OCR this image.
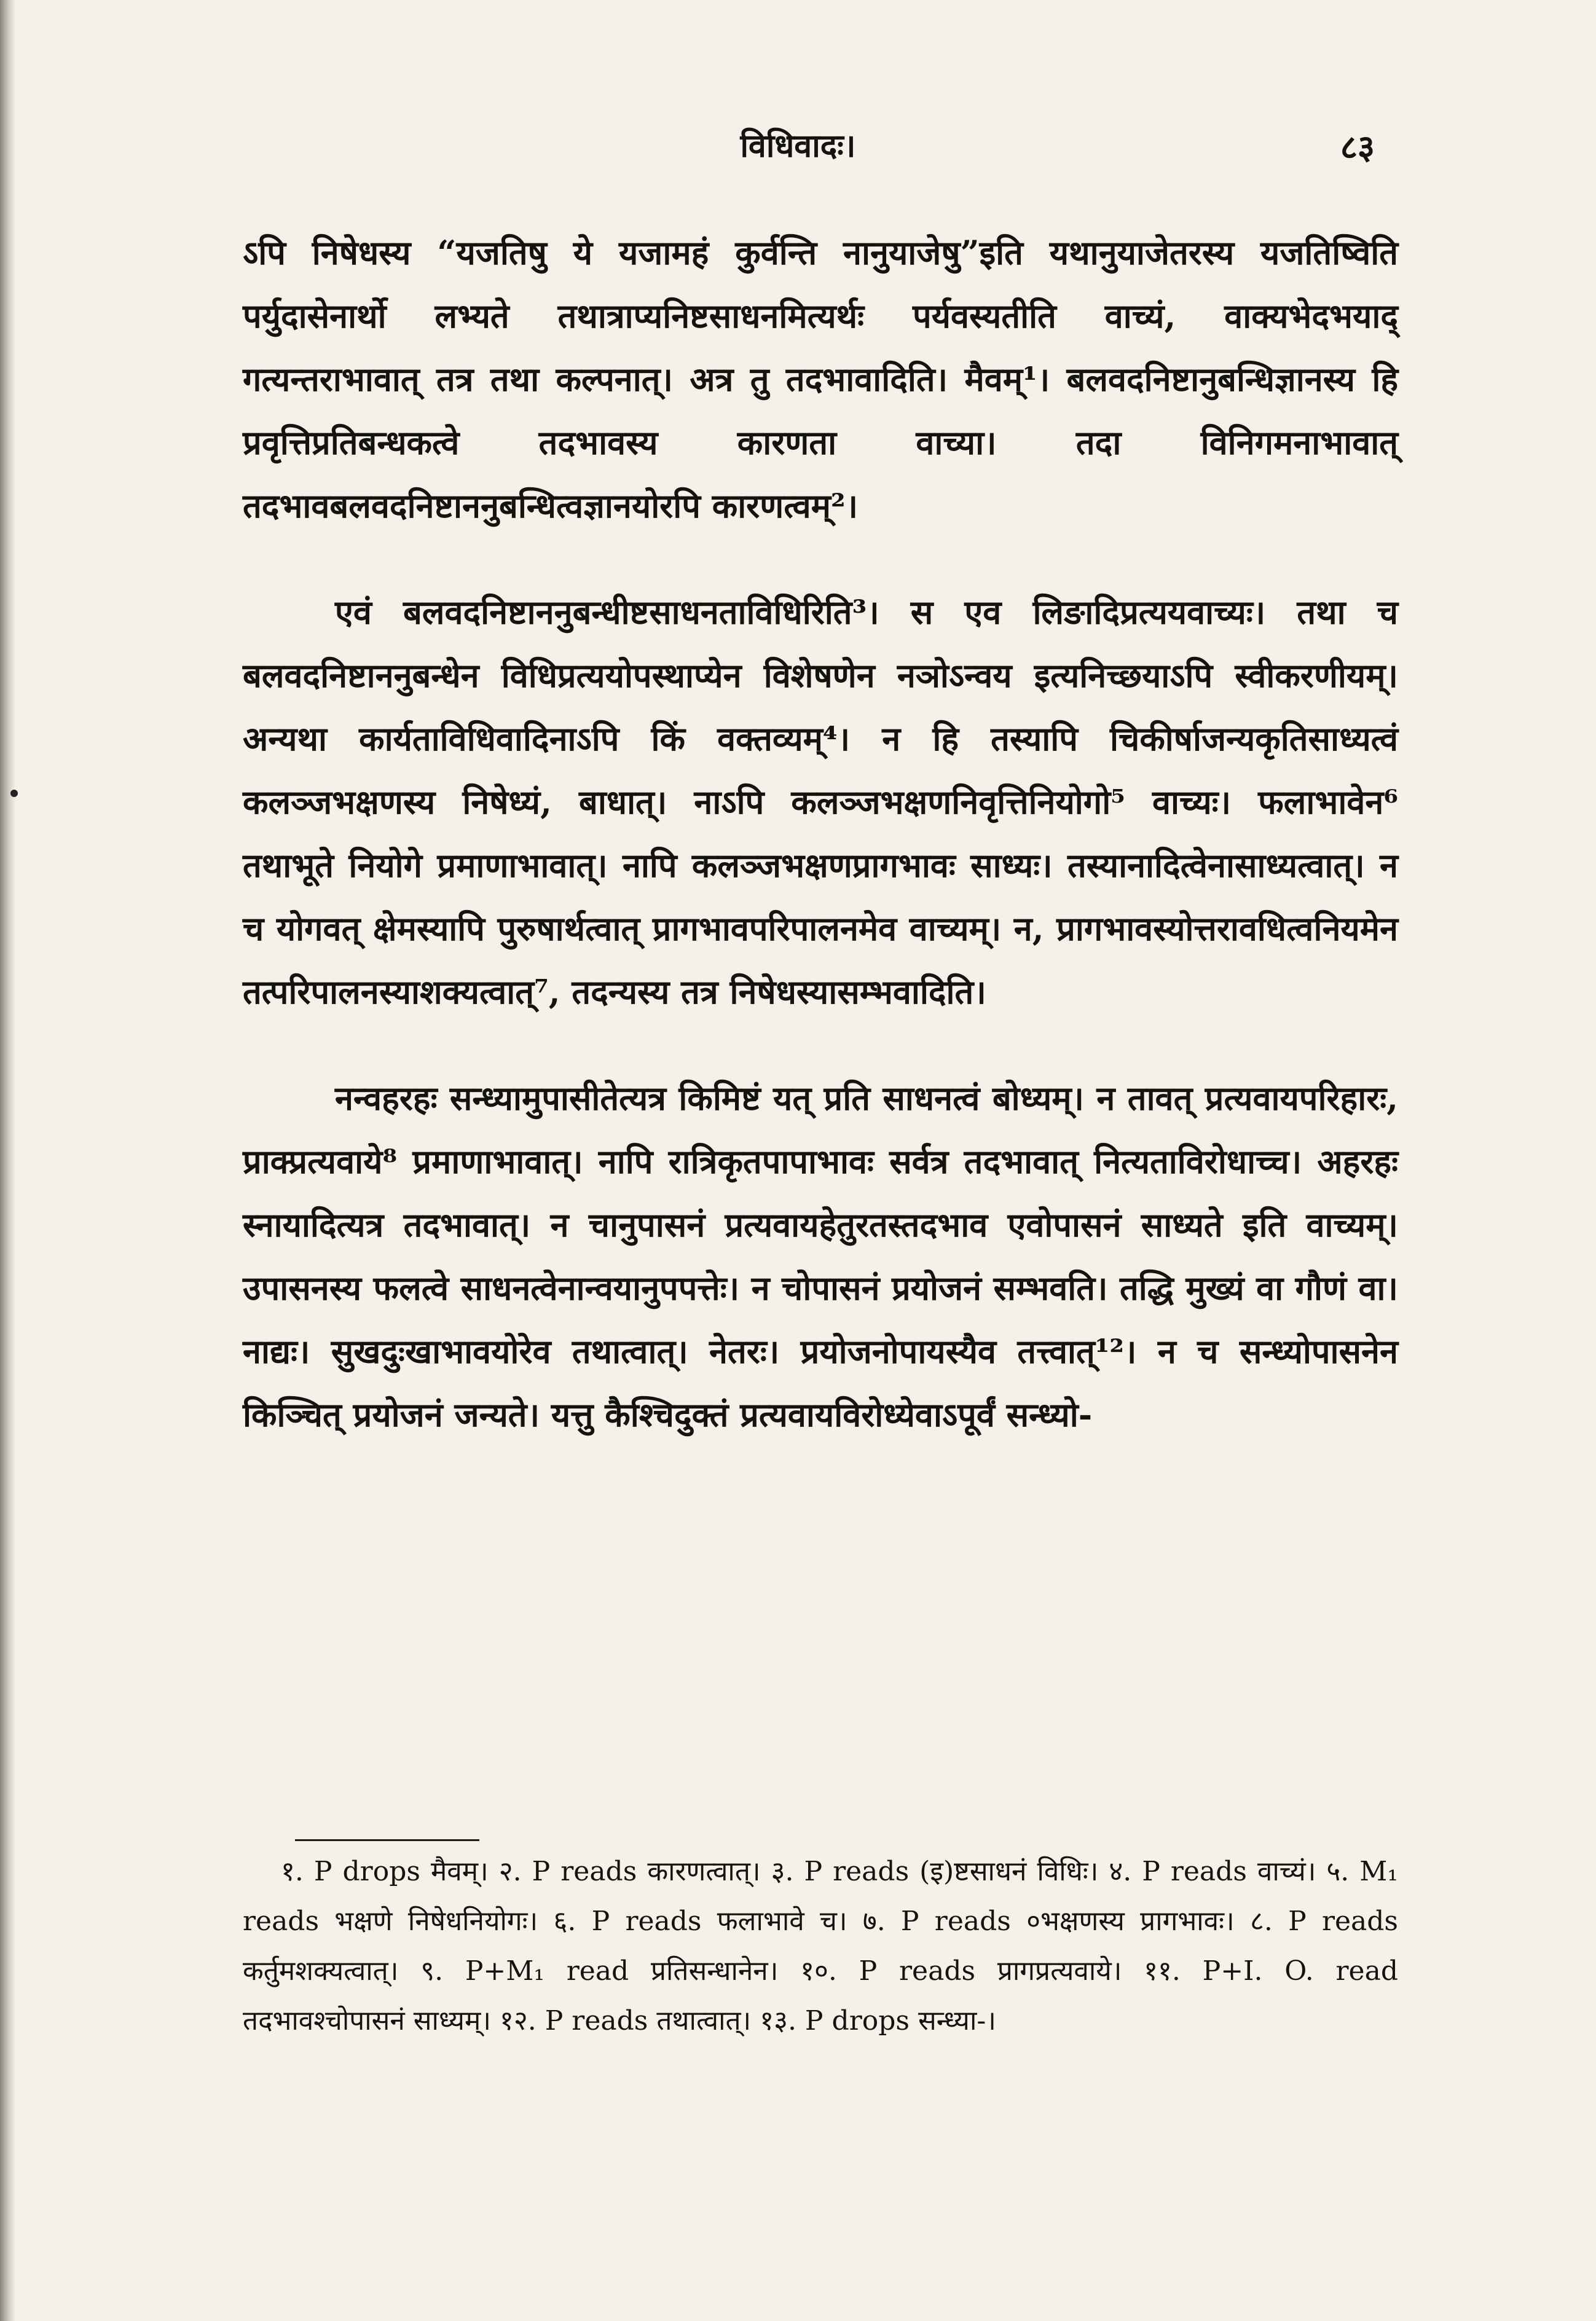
विधिवादः।	८३

ऽपि निषेधस्य “यजतिषु ये यजामहं कुर्वन्ति नानुयाजेषु”इति यथानुयाजेतरस्य यजतिष्विति पर्युदासेनार्थो लभ्यते तथात्राप्यनिष्टसाधनमित्यर्थः पर्यवस्यतीति वाच्यं, वाक्यभेदभयाद् गत्यन्तराभावात् तत्र तथा कल्पनात्। अत्र तु तदभावादिति। मैवम्¹। बलवदनिष्टानुबन्धिज्ञानस्य हि प्रवृत्तिप्रतिबन्धकत्वे तदभावस्य कारणता वाच्या। तदा विनिगमनाभावात् तदभावबलवदनिष्टाननुबन्धित्वज्ञानयोरपि कारणत्वम्²।

एवं बलवदनिष्टाननुबन्धीष्टसाधनताविधिरिति³। स एव लिङादिप्रत्ययवाच्यः। तथा च बलवदनिष्टाननुबन्धेन विधिप्रत्ययोपस्थाप्येन विशेषणेन नञोऽन्वय इत्यनिच्छयाऽपि स्वीकरणीयम्। अन्यथा कार्यताविधिवादिनाऽपि किं वक्तव्यम्⁴। न हि तस्यापि चिकीर्षाजन्यकृतिसाध्यत्वं कलञ्जभक्षणस्य निषेध्यं, बाधात्। नाऽपि कलञ्जभक्षणनिवृत्तिनियोगो⁵ वाच्यः। फलाभावेन⁶ तथाभूते नियोगे प्रमाणाभावात्। नापि कलञ्जभक्षणप्रागभावः साध्यः। तस्यानादित्वेनासाध्यत्वात्। न च योगवत् क्षेमस्यापि पुरुषार्थत्वात् प्रागभावपरिपालनमेव वाच्यम्। न, प्रागभावस्योत्तरावधित्वनियमेन तत्परिपालनस्याशक्यत्वात्⁷, तदन्यस्य तत्र निषेधस्यासम्भवादिति।

नन्वहरहः सन्ध्यामुपासीतेत्यत्र किमिष्टं यत् प्रति साधनत्वं बोध्यम्। न तावत् प्रत्यवायपरिहारः, प्राक्प्रत्यवाये⁸ प्रमाणाभावात्। नापि रात्रिकृतपापाभावः सर्वत्र तदभावात् नित्यताविरोधाच्च। अहरहः स्नायादित्यत्र तदभावात्। न चानुपासनं प्रत्यवायहेतुरतस्तदभाव एवोपासनं साध्यते इति वाच्यम्। उपासनस्य फलत्वे साधनत्वेनान्वयानुपपत्तेः। न चोपासनं प्रयोजनं सम्भवति। तद्धि मुख्यं वा गौणं वा। नाद्यः। सुखदुःखाभावयोरेव तथात्वात्। नेतरः। प्रयोजनोपायस्यैव तत्त्वात्¹²। न च सन्ध्योपासनेन किञ्चित् प्रयोजनं जन्यते। यत्तु कैश्चिदुक्तं प्रत्यवायविरोध्येवाऽपूर्वं सन्ध्यो-

१. P drops मैवम्। २. P reads कारणत्वात्। ३. P reads (इ)ष्टसाधनं विधिः। ४. P reads वाच्यं। ५. M₁ reads भक्षणे निषेधनियोगः। ६. P reads फलाभावे च। ७. P reads ०भक्षणस्य प्रागभावः। ८. P reads कर्तुमशक्यत्वात्। ९. P+M₁ read प्रतिसन्धानेन। १०. P reads प्रागप्रत्यवाये। ११. P+I. O. read तदभावश्चोपासनं साध्यम्। १२. P reads तथात्वात्। १३. P drops सन्ध्या-।
